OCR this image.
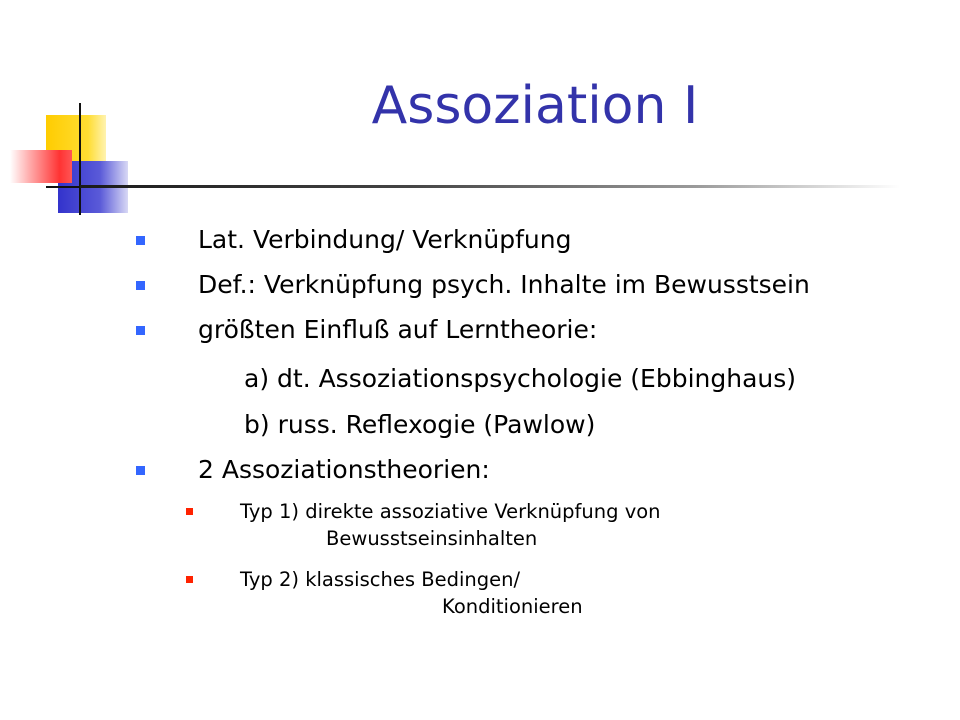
Assoziation I
Lat. Verbindung/ Verknüpfung
Def.: Verknüpfung psych. Inhalte im Bewusstsein
größten Einfluß auf Lerntheorie:
a) dt. Assoziationspsychologie (Ebbinghaus)
b) russ. Reflexogie (Pawlow)
2 Assoziationstheorien:
Typ 1) direkte assoziative Verknüpfung von
Bewusstseinsinhalten
Typ 2) klassisches Bedingen/
Konditionieren
